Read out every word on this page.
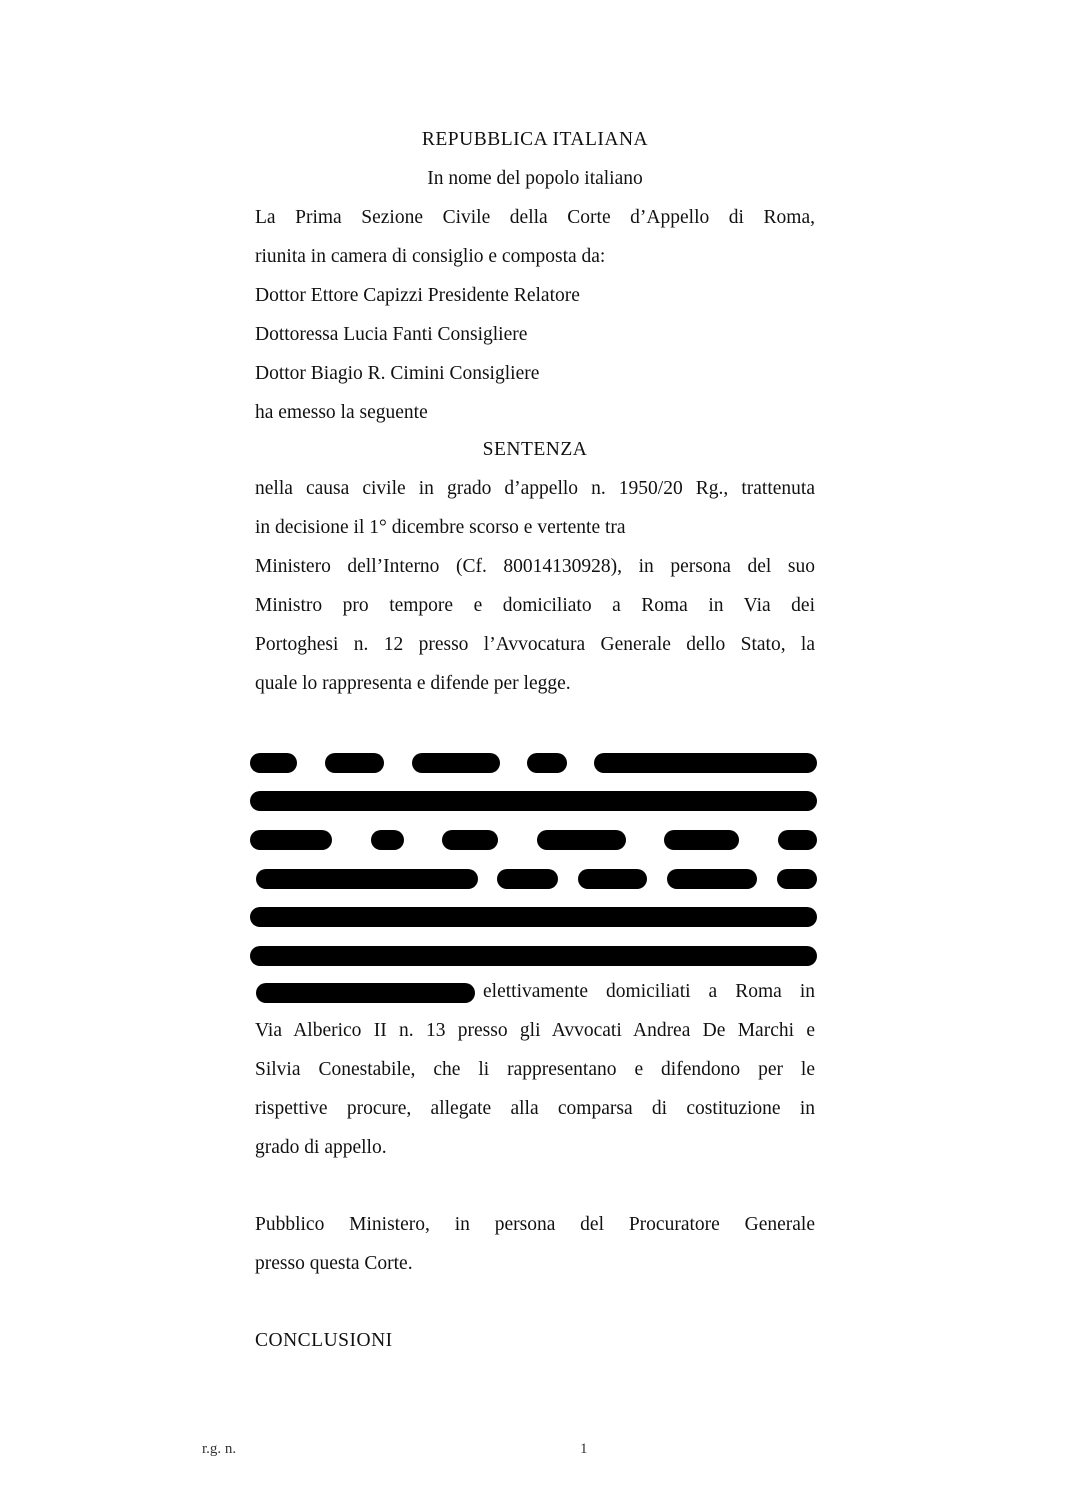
REPUBBLICA ITALIANA
In nome del popolo italiano
La Prima Sezione Civile della Corte d’Appello di Roma,
riunita in camera di consiglio e composta da:
Dottor Ettore Capizzi Presidente Relatore
Dottoressa Lucia Fanti Consigliere
Dottor Biagio R. Cimini Consigliere
ha emesso la seguente
SENTENZA
nella causa civile in grado d’appello n. 1950/20 Rg., trattenuta
in decisione il 1° dicembre scorso e vertente tra
Ministero dell’Interno (Cf. 80014130928), in persona del suo
Ministro pro tempore e domiciliato a Roma in Via dei
Portoghesi n. 12 presso l’Avvocatura Generale dello Stato, la
quale lo rappresenta e difende per legge.
elettivamente domiciliati a Roma in
Via Alberico II n. 13 presso gli Avvocati Andrea De Marchi e
Silvia Conestabile, che li rappresentano e difendono per le
rispettive procure, allegate alla comparsa di costituzione in
grado di appello.
Pubblico Ministero, in persona del Procuratore Generale
presso questa Corte.
CONCLUSIONI
r.g. n.	1
